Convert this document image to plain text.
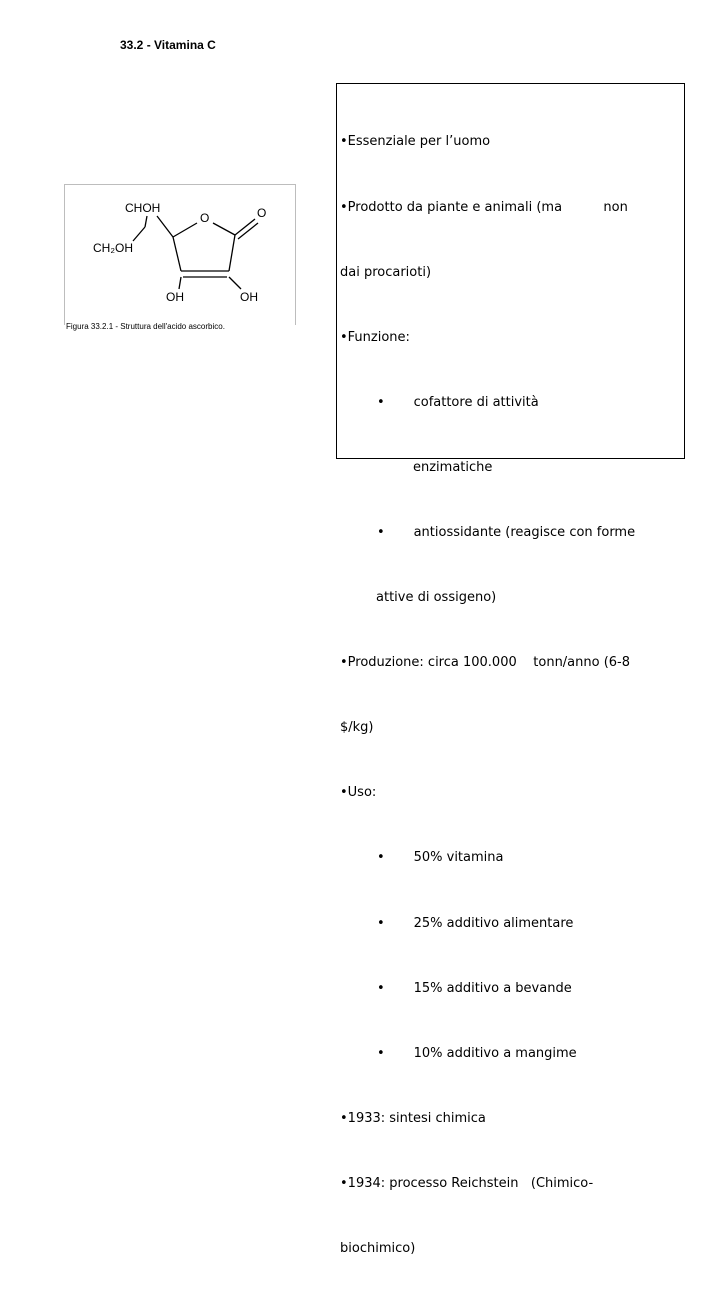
33.2 - Vitamina C
CHOH
CH₂OH
O	O
OH	OH
Figura 33.2.1 - Struttura dell'acido ascorbico.

•Essenziale per l’uomo

•Prodotto da piante e animali (ma          non

dai procarioti)

•Funzione:

•       cofattore di attività

enzimatiche

•       antiossidante (reagisce con forme

attive di ossigeno)

•Produzione: circa 100.000    tonn/anno (6-8

$/kg)

•Uso:

•       50% vitamina

•       25% additivo alimentare

•       15% additivo a bevande

•       10% additivo a mangime

•1933: sintesi chimica

•1934: processo Reichstein   (Chimico-

biochimico)
